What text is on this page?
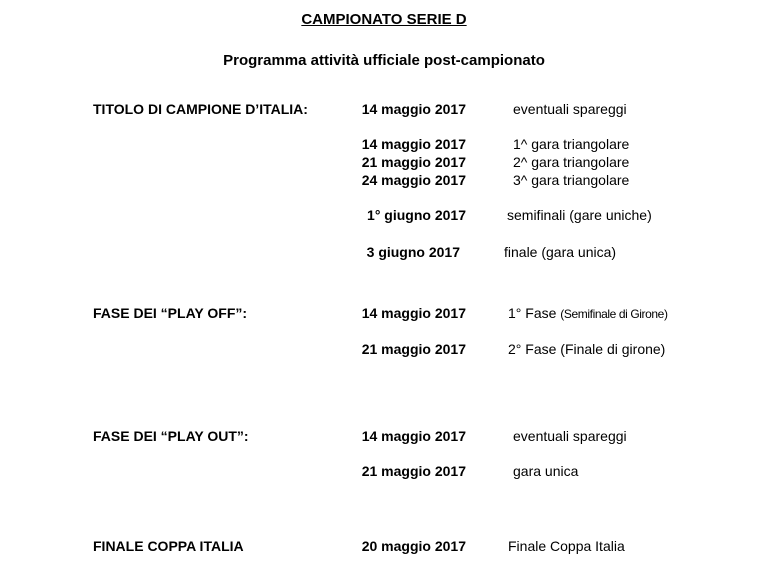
CAMPIONATO SERIE D
Programma attività ufficiale post-campionato
TITOLO DI CAMPIONE D’ITALIA:	14 maggio 2017	eventuali spareggi
14 maggio 2017	1^ gara triangolare
21 maggio 2017	2^ gara triangolare
24 maggio 2017	3^ gara triangolare
1° giugno 2017	semifinali (gare uniche)
3 giugno 2017	finale (gara unica)
FASE DEI “PLAY OFF”:	14 maggio 2017	1° Fase (Semifinale di Girone)
21 maggio 2017	2° Fase (Finale di girone)
FASE DEI “PLAY OUT”:	14 maggio 2017	eventuali spareggi
21 maggio 2017	gara unica
FINALE COPPA ITALIA	20 maggio 2017	Finale Coppa Italia
